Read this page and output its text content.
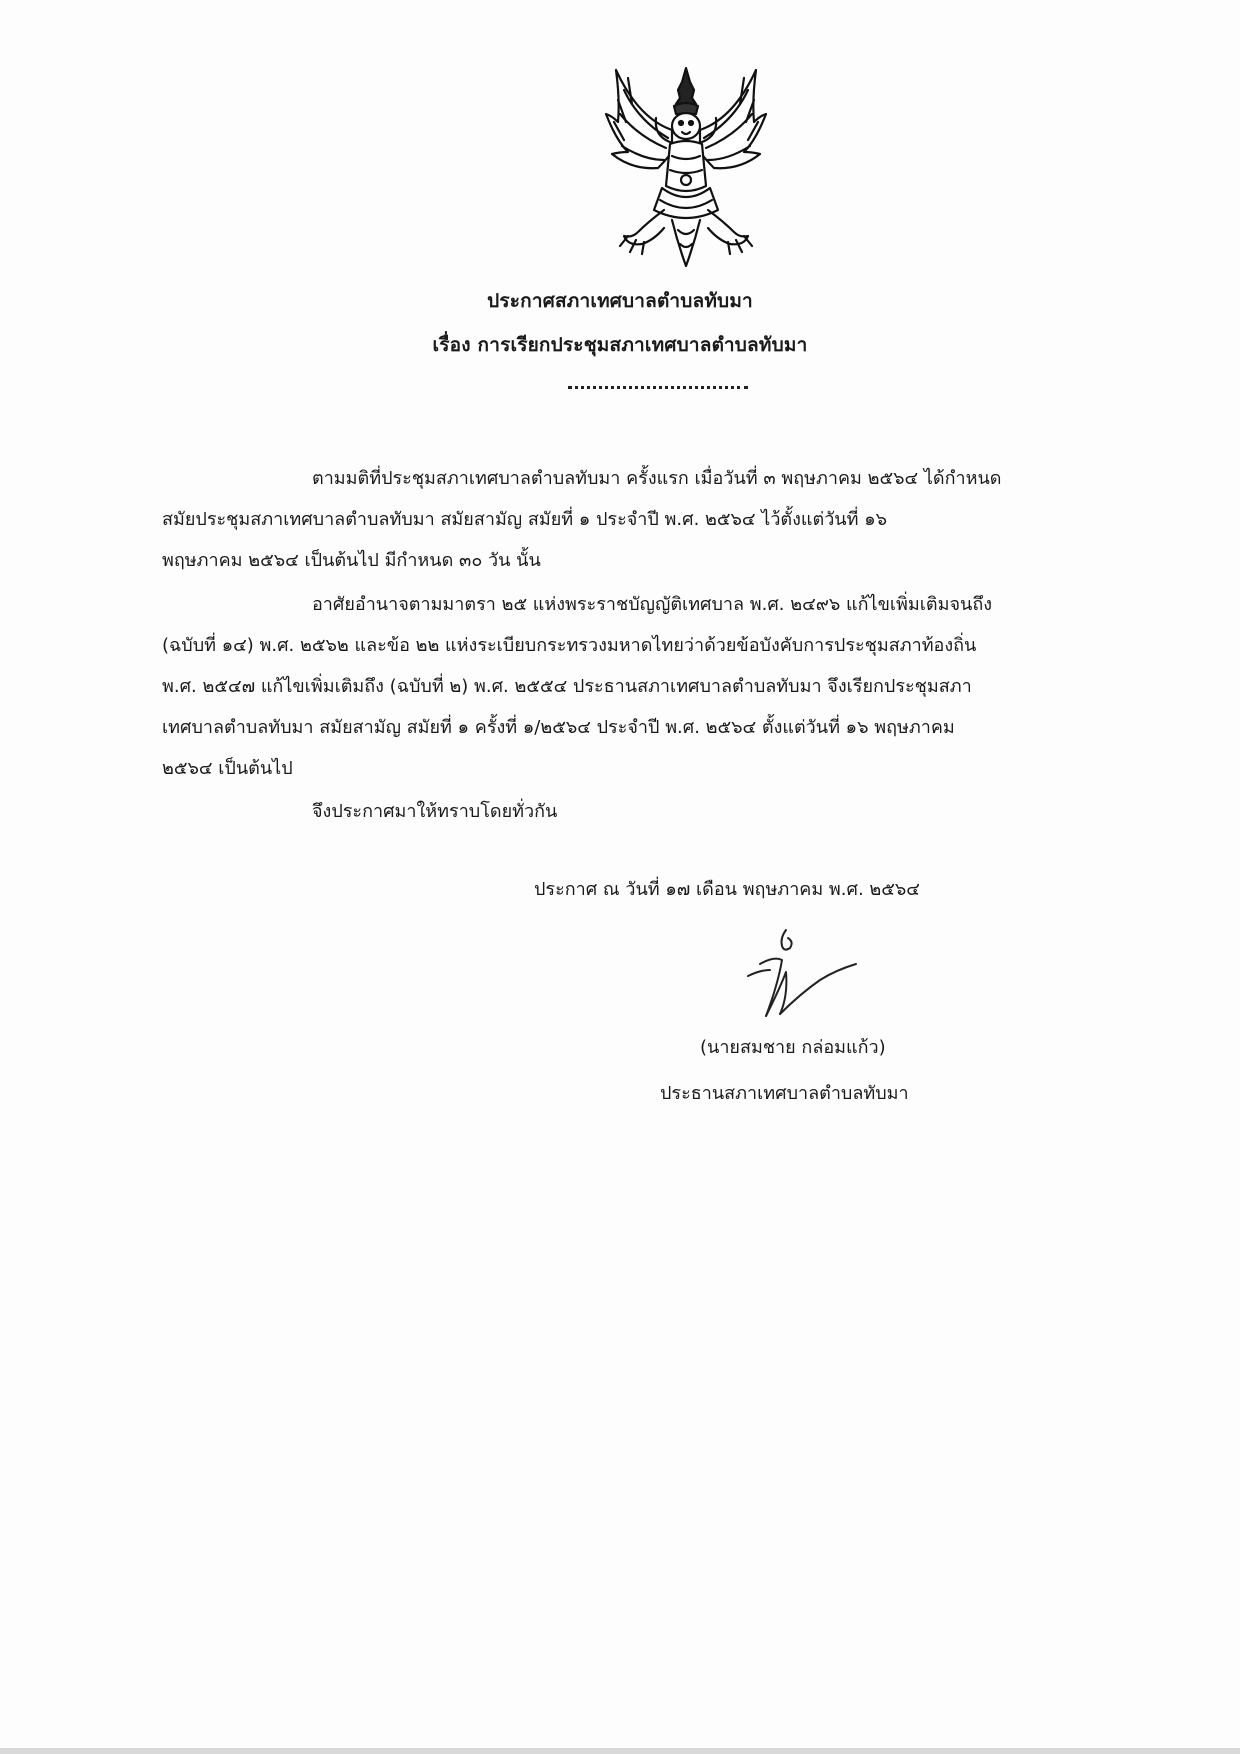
ประกาศสภาเทศบาลตำบลทับมา
เรื่อง การเรียกประชุมสภาเทศบาลตำบลทับมา
ตามมติที่ประชุมสภาเทศบาลตำบลทับมา ครั้งแรก เมื่อวันที่ ๓ พฤษภาคม ๒๕๖๔ ได้กำหนด
สมัยประชุมสภาเทศบาลตำบลทับมา สมัยสามัญ สมัยที่ ๑ ประจำปี พ.ศ. ๒๕๖๔ ไว้ตั้งแต่วันที่ ๑๖
พฤษภาคม ๒๕๖๔ เป็นต้นไป มีกำหนด ๓๐ วัน นั้น
อาศัยอำนาจตามมาตรา ๒๕ แห่งพระราชบัญญัติเทศบาล พ.ศ. ๒๔๙๖ แก้ไขเพิ่มเติมจนถึง
(ฉบับที่ ๑๔) พ.ศ. ๒๕๖๒ และข้อ ๒๒ แห่งระเบียบกระทรวงมหาดไทยว่าด้วยข้อบังคับการประชุมสภาท้องถิ่น
พ.ศ. ๒๕๔๗ แก้ไขเพิ่มเติมถึง (ฉบับที่ ๒) พ.ศ. ๒๕๕๔ ประธานสภาเทศบาลตำบลทับมา จึงเรียกประชุมสภา
เทศบาลตำบลทับมา สมัยสามัญ สมัยที่ ๑ ครั้งที่ ๑/๒๕๖๔ ประจำปี พ.ศ. ๒๕๖๔ ตั้งแต่วันที่ ๑๖ พฤษภาคม
๒๕๖๔ เป็นต้นไป
จึงประกาศมาให้ทราบโดยทั่วกัน
ประกาศ ณ วันที่ ๑๗ เดือน พฤษภาคม พ.ศ. ๒๕๖๔
(นายสมชาย กล่อมแก้ว)
ประธานสภาเทศบาลตำบลทับมา
